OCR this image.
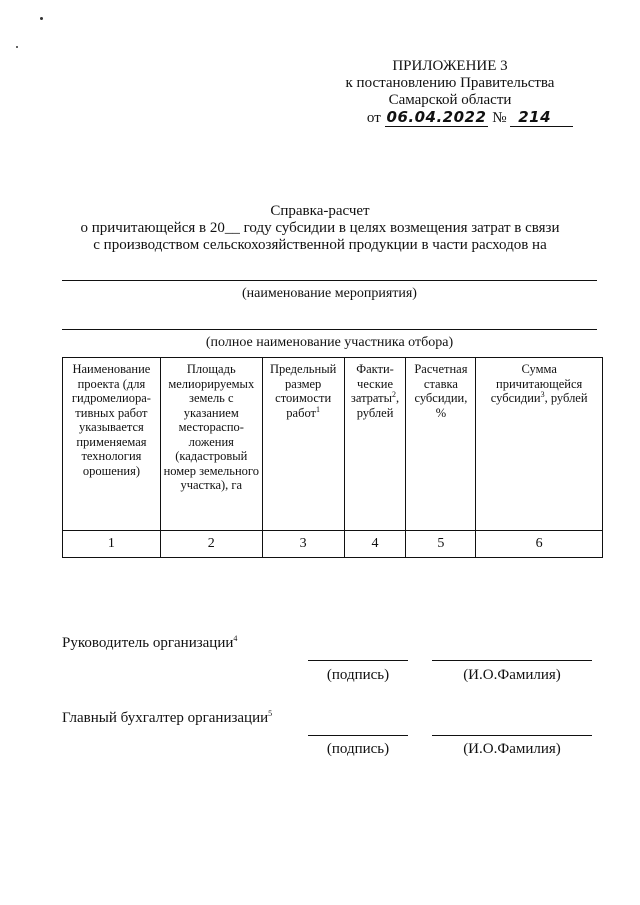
ПРИЛОЖЕНИЕ 3
к постановлению Правительства
Самарской области
от 06.04.2022 № 214
Справка-расчет
о причитающейся в 20__ году субсидии в целях возмещения затрат в связи
с производством сельскохозяйственной продукции в части расходов на
(наименование мероприятия)
(полное наименование участника отбора)
Наименование проекта (для гидромелиора-тивных работ указывается применяемая технология орошения)	Площадь мелиорируемых земель с указанием местораспо-ложения (кадастровый номер земельного участка), га	Предельный размер стоимости работ$^1$	Факти-ческие затраты$^2$, рублей	Расчетная ставка субсидии, %	Сумма причитающейся субсидии$^3$, рублей
1	2	3	4	5	6
Руководитель организации$^4$
(подпись)	(И.О.Фамилия)
Главный бухгалтер организации$^5$
(подпись)	(И.О.Фамилия)
